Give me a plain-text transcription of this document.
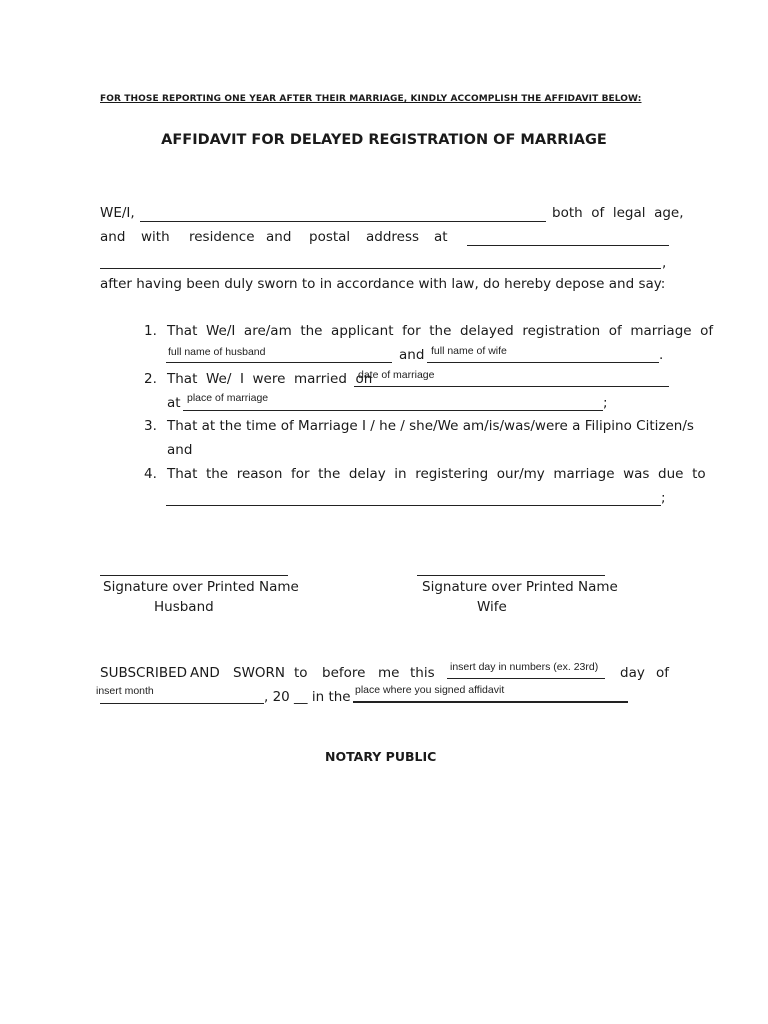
FOR THOSE REPORTING ONE YEAR AFTER THEIR MARRIAGE, KINDLY ACCOMPLISH THE AFFIDAVIT BELOW:
AFFIDAVIT FOR DELAYED REGISTRATION OF MARRIAGE
WE/I,	both  of  legal  age,
and with residence and postal address at
,
after having been duly sworn to in accordance with law, do hereby depose and say:
1. That  We/I  are/am  the  applicant  for  the  delayed  registration  of  marriage  of
full name of husband	and full name of wife	.
2. That  We/  I  were  married  on
date of marriage
at place of marriage	;
3. That at the time of Marriage I / he / she/We am/is/was/were a Filipino Citizen/s
and
4. That  the  reason  for  the  delay  in  registering  our/my  marriage  was  due  to
;
Signature over Printed Name
Husband
Signature over Printed Name
Wife
SUBSCRIBED AND SWORN to before me this insert day in numbers (ex. 23rd) day of
insert month	, 20 __ in the place where you signed affidavit
NOTARY PUBLIC
